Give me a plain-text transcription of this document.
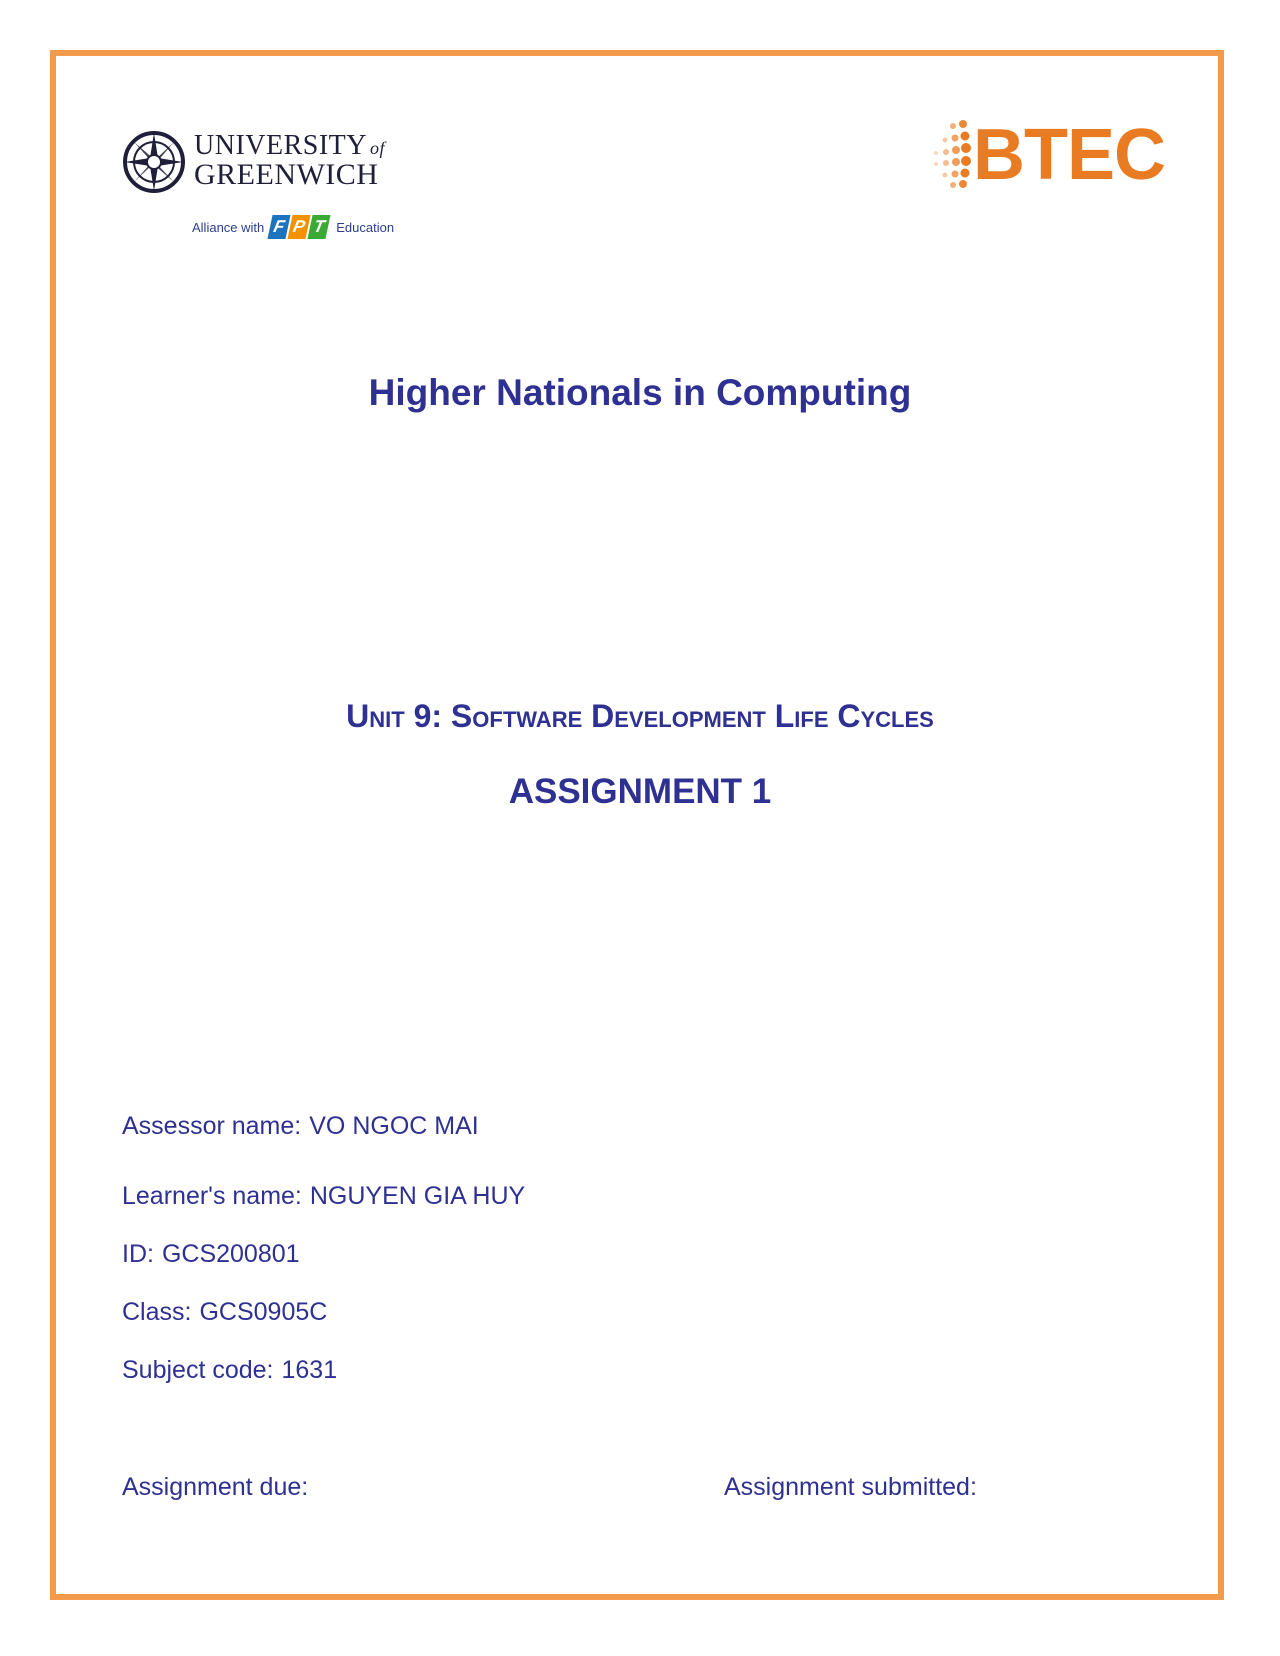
UNIVERSITY of
GREENWICH
Alliance with F P T Education
BTEC
Higher Nationals in Computing
Unit 9: Software Development Life Cycles
ASSIGNMENT 1
Assessor name: VO NGOC MAI
Learner's name: NGUYEN GIA HUY
ID: GCS200801
Class: GCS0905C
Subject code: 1631
Assignment due:	Assignment submitted:
